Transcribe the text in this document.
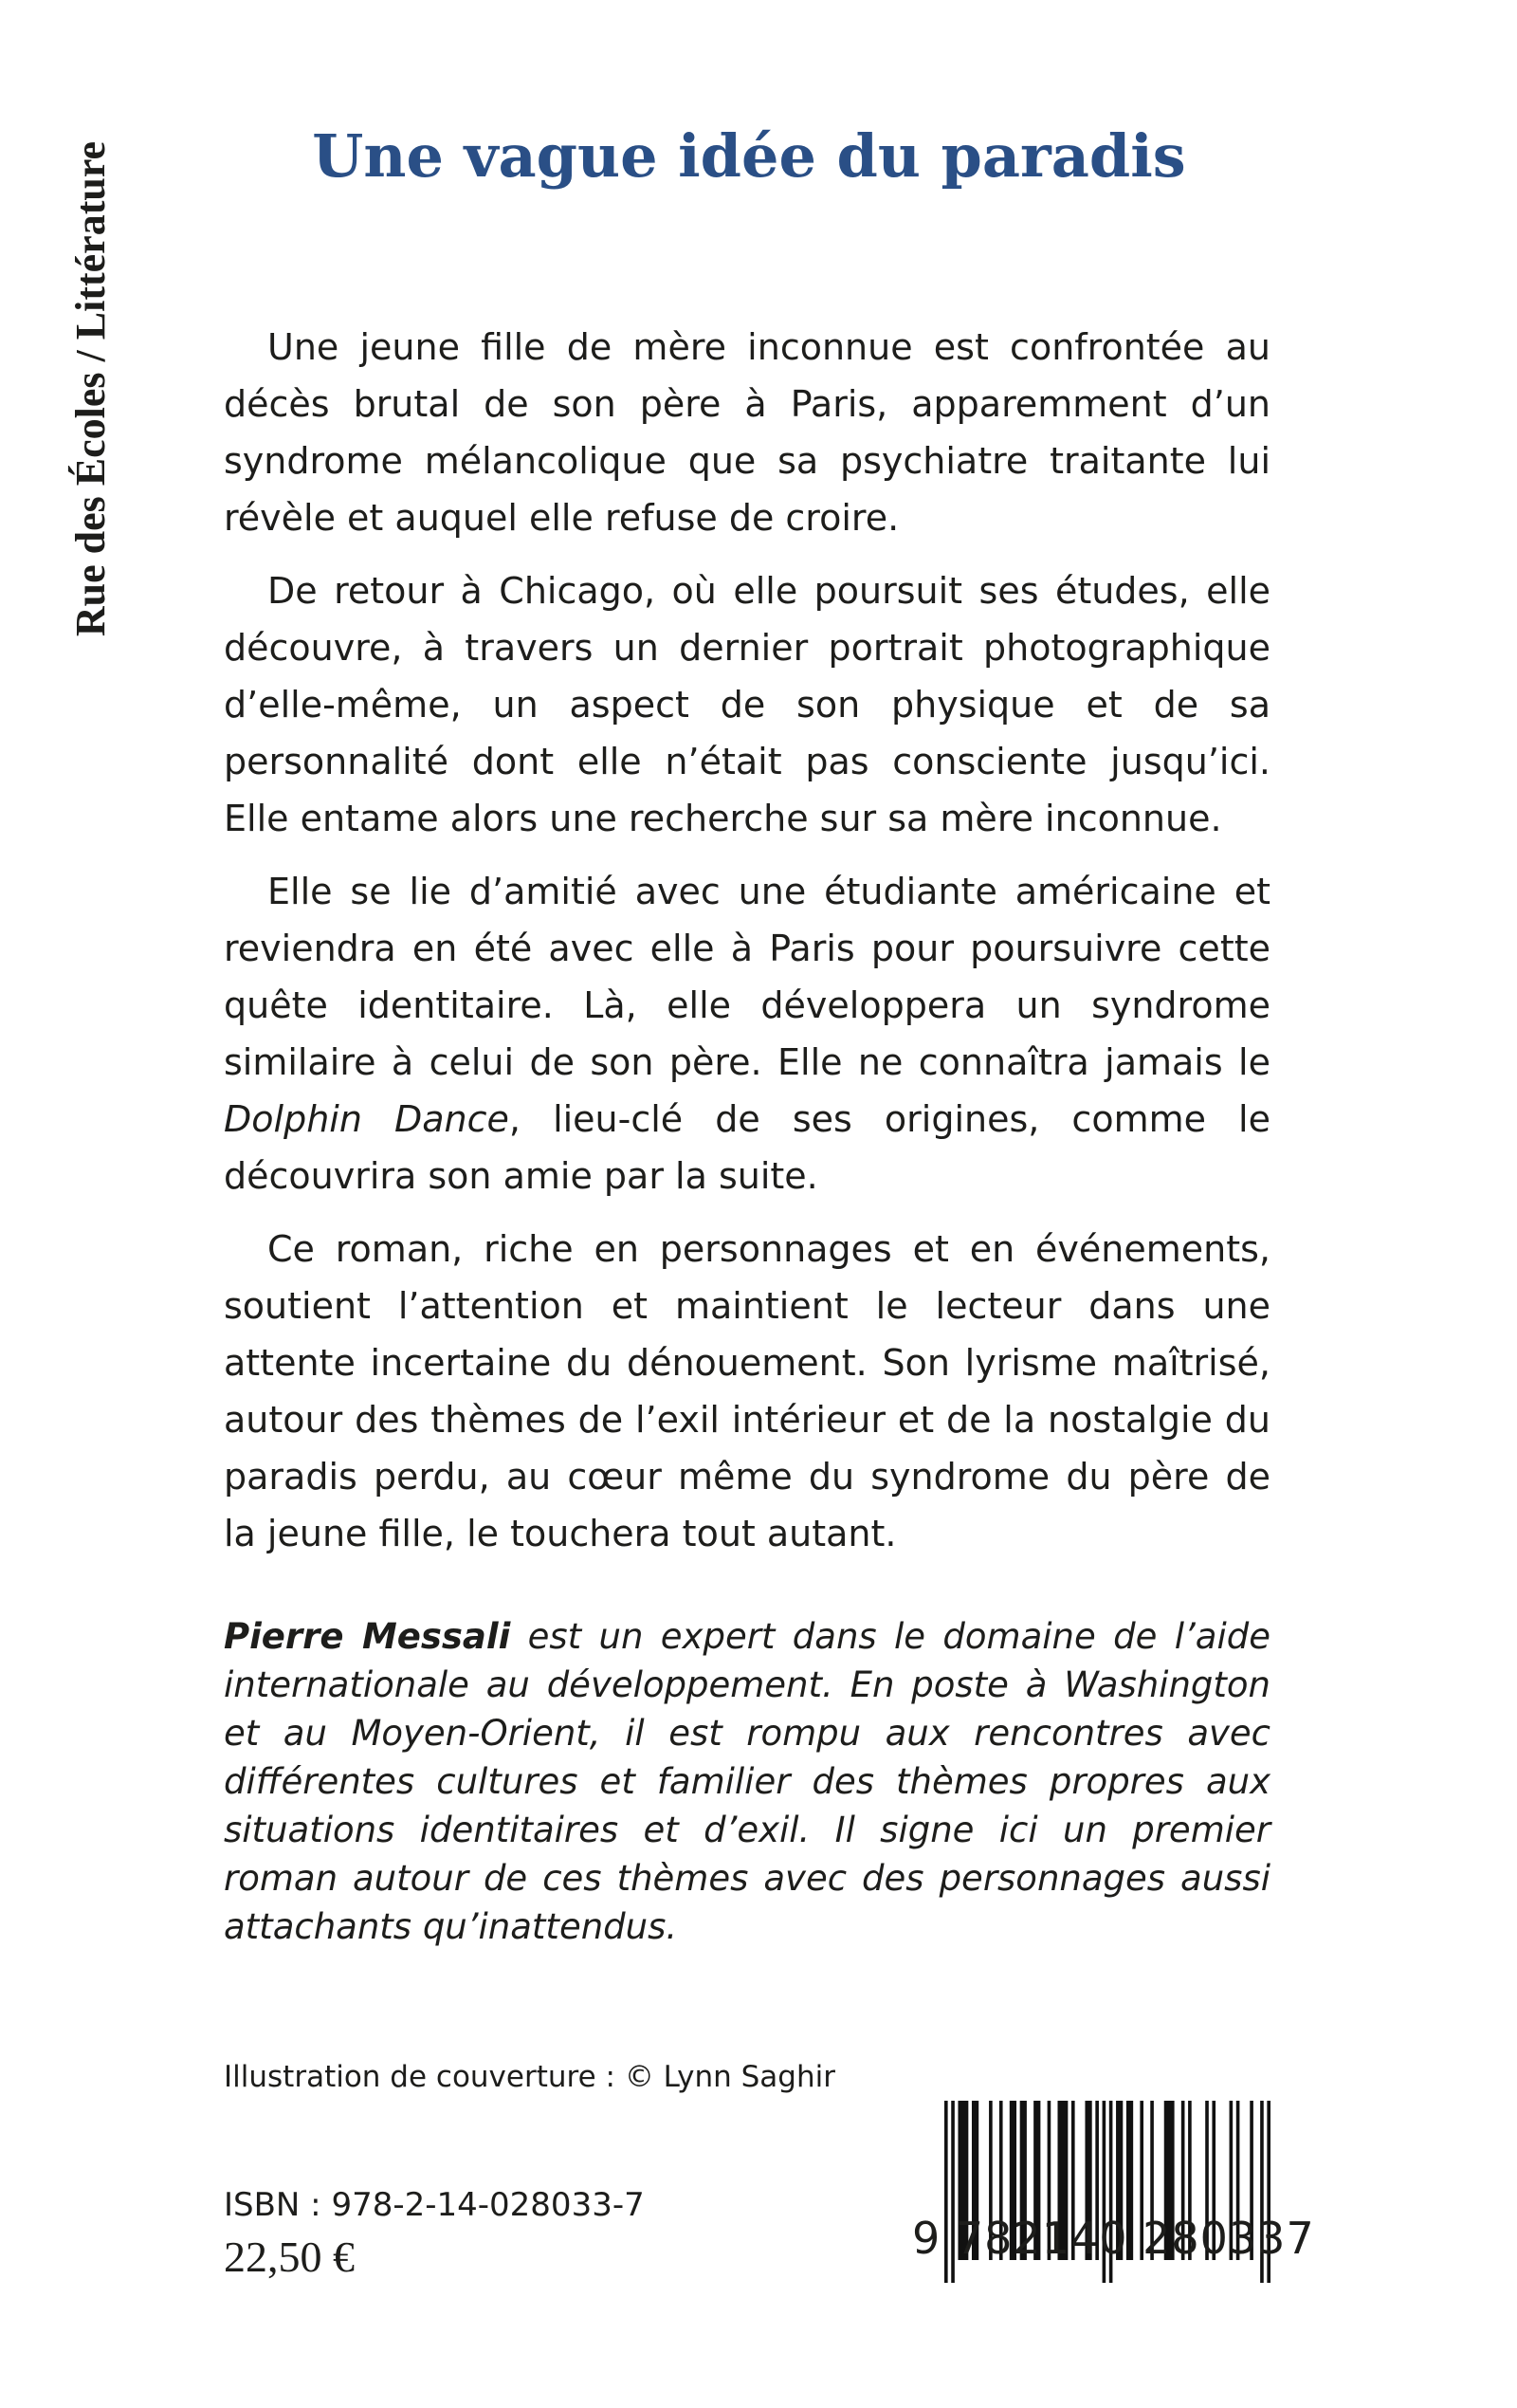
Rue des Écoles / Littérature	Une vague idée du paradis

Une jeune fille de mère inconnue est confrontée au décès brutal de son père à Paris, apparemment d’un syndrome mélancolique que sa psychiatre traitante lui révèle et auquel elle refuse de croire.

De retour à Chicago, où elle poursuit ses études, elle découvre, à travers un dernier portrait photographique d’elle-même, un aspect de son physique et de sa personnalité dont elle n’était pas consciente jusqu’ici. Elle entame alors une recherche sur sa mère inconnue.

Elle se lie d’amitié avec une étudiante américaine et reviendra en été avec elle à Paris pour poursuivre cette quête identitaire. Là, elle développera un syndrome similaire à celui de son père. Elle ne connaîtra jamais le Dolphin Dance, lieu-clé de ses origines, comme le découvrira son amie par la suite.

Ce roman, riche en personnages et en événements, soutient l’attention et maintient le lecteur dans une attente incertaine du dénouement. Son lyrisme maîtrisé, autour des thèmes de l’exil intérieur et de la nostalgie du paradis perdu, au cœur même du syndrome du père de la jeune fille, le touchera tout autant.

Pierre Messali est un expert dans le domaine de l’aide internationale au développement. En poste à Washington et au Moyen-Orient, il est rompu aux rencontres avec différentes cultures et familier des thèmes propres aux situations identitaires et d’exil. Il signe ici un premier roman autour de ces thèmes avec des personnages aussi attachants qu’inattendus.

Illustration de couverture : © Lynn Saghir
ISBN : 978-2-14-028033-7
22,50 €	9 782140 280337
